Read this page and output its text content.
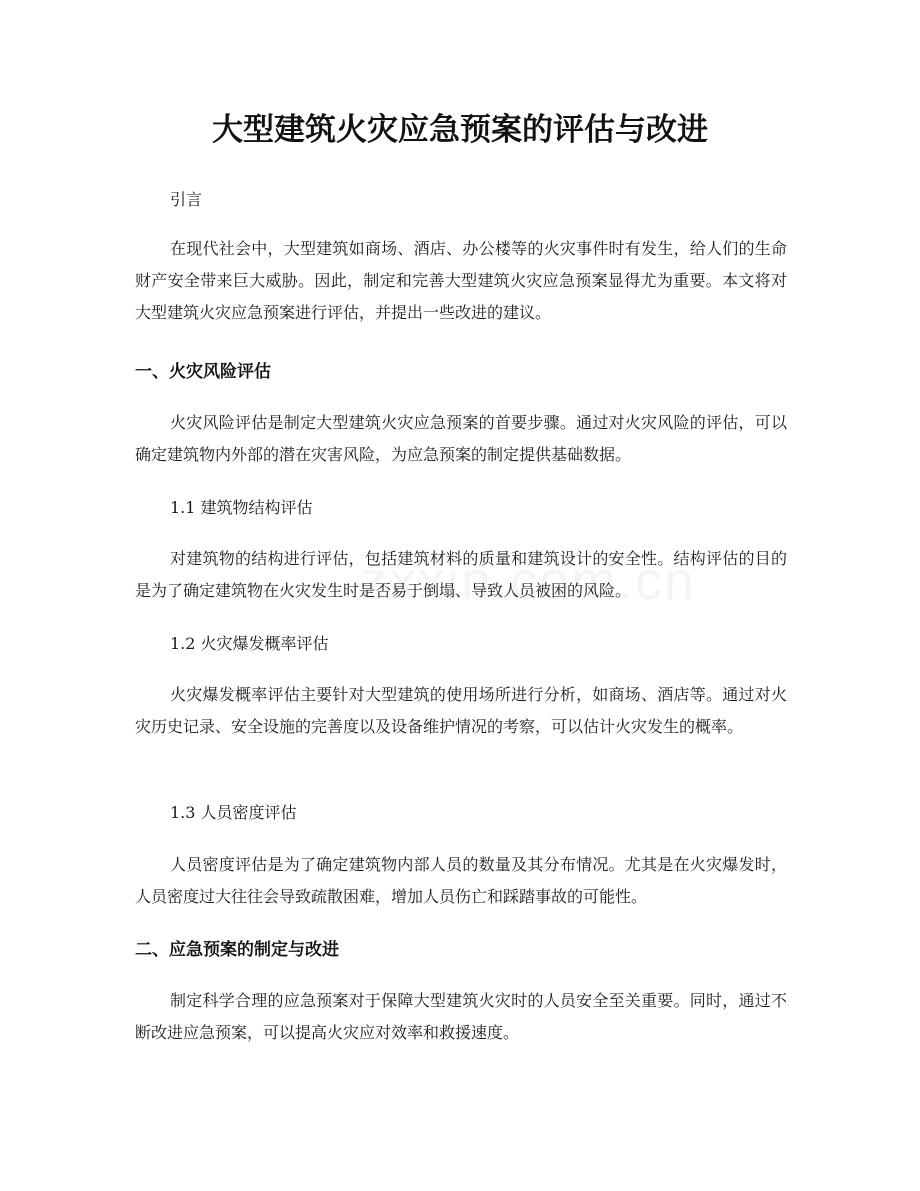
大型建筑火灾应急预案的评估与改进

引言

在现代社会中，大型建筑如商场、酒店、办公楼等的火灾事件时有发生，给人们的生命财产安全带来巨大威胁。因此，制定和完善大型建筑火灾应急预案显得尤为重要。本文将对大型建筑火灾应急预案进行评估，并提出一些改进的建议。

一、火灾风险评估

火灾风险评估是制定大型建筑火灾应急预案的首要步骤。通过对火灾风险的评估，可以确定建筑物内外部的潜在灾害风险，为应急预案的制定提供基础数据。

1.1 建筑物结构评估

对建筑物的结构进行评估，包括建筑材料的质量和建筑设计的安全性。结构评估的目的是为了确定建筑物在火灾发生时是否易于倒塌、导致人员被困的风险。

1.2 火灾爆发概率评估

火灾爆发概率评估主要针对大型建筑的使用场所进行分析，如商场、酒店等。通过对火灾历史记录、安全设施的完善度以及设备维护情况的考察，可以估计火灾发生的概率。

1.3 人员密度评估

人员密度评估是为了确定建筑物内部人员的数量及其分布情况。尤其是在火灾爆发时，人员密度过大往往会导致疏散困难，增加人员伤亡和踩踏事故的可能性。

二、应急预案的制定与改进

制定科学合理的应急预案对于保障大型建筑火灾时的人员安全至关重要。同时，通过不断改进应急预案，可以提高火灾应对效率和救援速度。
